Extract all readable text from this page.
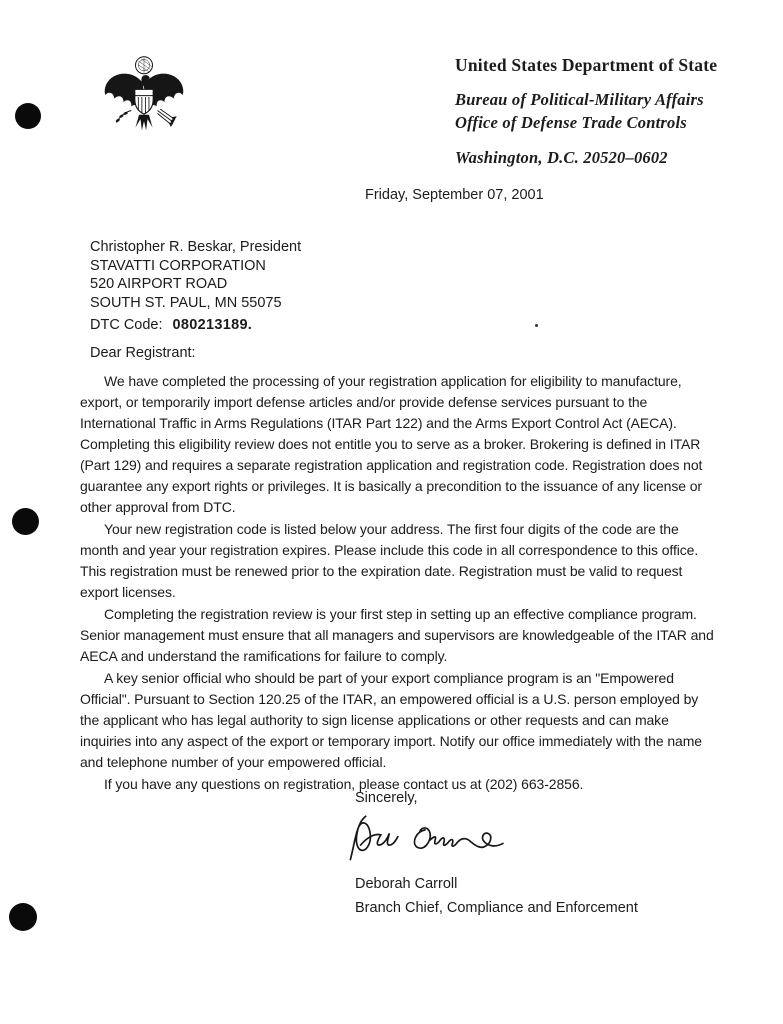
United States Department of State
Bureau of Political-Military Affairs
Office of Defense Trade Controls
Washington, D.C. 20520–0602
Friday, September 07, 2001
Christopher R. Beskar, President
STAVATTI CORPORATION
520 AIRPORT ROAD
SOUTH ST. PAUL, MN 55075
DTC Code: 080213189.
Dear Registrant:

We have completed the processing of your registration application for eligibility to manufacture, export, or temporarily import defense articles and/or provide defense services pursuant to the International Traffic in Arms Regulations (ITAR Part 122) and the Arms Export Control Act (AECA). Completing this eligibility review does not entitle you to serve as a broker. Brokering is defined in ITAR (Part 129) and requires a separate registration application and registration code. Registration does not guarantee any export rights or privileges. It is basically a precondition to the issuance of any license or other approval from DTC.

Your new registration code is listed below your address. The first four digits of the code are the month and year your registration expires. Please include this code in all correspondence to this office. This registration must be renewed prior to the expiration date. Registration must be valid to request export licenses.

Completing the registration review is your first step in setting up an effective compliance program. Senior management must ensure that all managers and supervisors are knowledgeable of the ITAR and AECA and understand the ramifications for failure to comply.

A key senior official who should be part of your export compliance program is an "Empowered Official". Pursuant to Section 120.25 of the ITAR, an empowered official is a U.S. person employed by the applicant who has legal authority to sign license applications or other requests and can make inquiries into any aspect of the export or temporary import. Notify our office immediately with the name and telephone number of your empowered official.

If you have any questions on registration, please contact us at (202) 663-2856.

Sincerely,
Deborah Carroll
Branch Chief, Compliance and Enforcement
